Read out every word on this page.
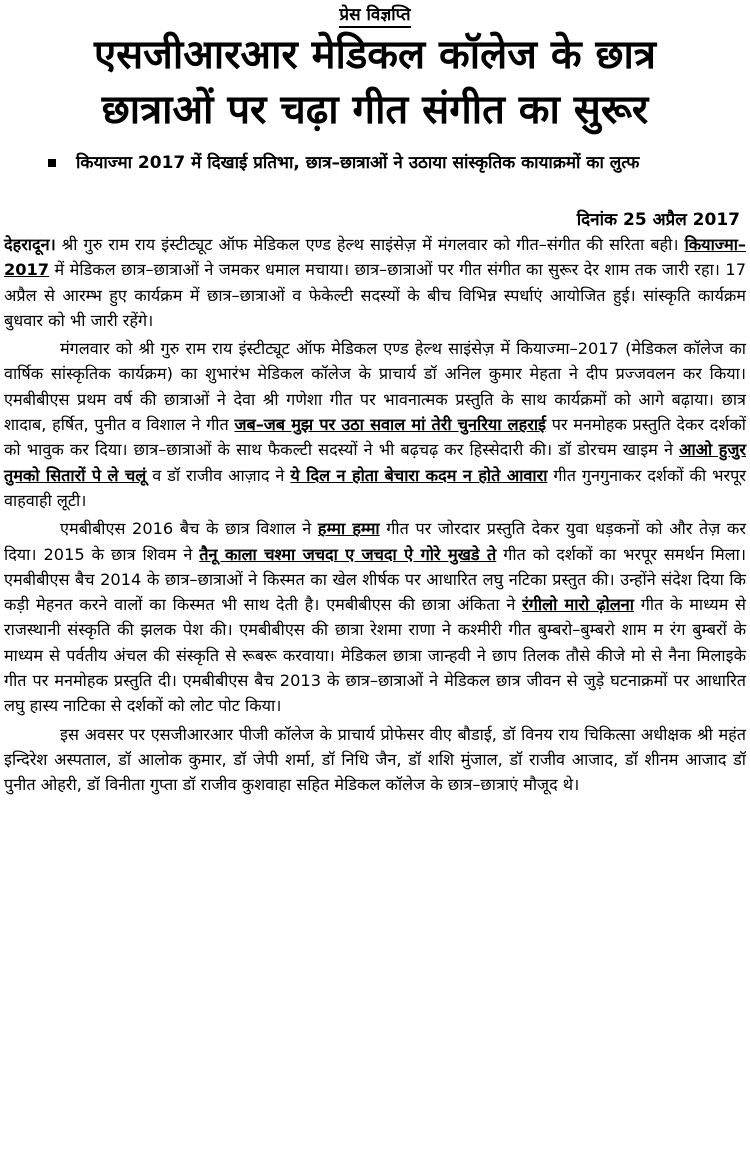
प्रेस विज्ञप्ति
एसजीआरआर मेडिकल कॉलेज के छात्र
छात्राओं पर चढ़ा गीत संगीत का सुरूर
कियाज्मा 2017 में दिखाई प्रतिभा, छात्र–छात्राओं ने उठाया सांस्कृतिक कायाक्रमों का लुत्फ
दिनांक 25 अप्रैल 2017

देहरादून। श्री गुरु राम राय इंस्टीट्यूट ऑफ मेडिकल एण्ड हेल्थ साइंसेज़ में मंगलवार को गीत–संगीत की सरिता बही। कियाज्मा–2017 में मेडिकल छात्र–छात्राओं ने जमकर धमाल मचाया। छात्र–छात्राओं पर गीत संगीत का सुरूर देर शाम तक जारी रहा। 17 अप्रैल से आरम्भ हुए कार्यक्रम में छात्र–छात्राओं व फेकेल्टी सदस्यों के बीच विभिन्न स्पर्धाएं आयोजित हुई। सांस्कृति कार्यक्रम बुधवार को भी जारी रहेंगे।

मंगलवार को श्री गुरु राम राय इंस्टीट्यूट ऑफ मेडिकल एण्ड हेल्थ साइंसेज़ में कियाज्मा–2017 (मेडिकल कॉलेज का वार्षिक सांस्कृतिक कार्यक्रम) का शुभारंभ मेडिकल कॉलेज के प्राचार्य डॉ अनिल कुमार मेहता ने दीप प्रज्जवलन कर किया। एमबीबीएस प्रथम वर्ष की छात्राओं ने देवा श्री गणेशा गीत पर भावनात्मक प्रस्तुति के साथ कार्यक्रमों को आगे बढ़ाया। छात्र शादाब, हर्षित, पुनीत व विशाल ने गीत जब–जब मुझ पर उठा सवाल मां तेरी चुनरिया लहराई पर मनमोहक प्रस्तुति देकर दर्शकों को भावुक कर दिया। छात्र–छात्राओं के साथ फैकल्टी सदस्यों ने भी बढ़चढ़ कर हिस्सेदारी की। डॉ डोरचम खाइम ने आओ हुजुर तुमको सितारों पे ले चलूं व डॉ राजीव आज़ाद ने ये दिल न होता बेचारा कदम न होते आवारा गीत गुनगुनाकर दर्शकों की भरपूर वाहवाही लूटी।

एमबीबीएस 2016 बैच के छात्र विशाल ने हम्मा हम्मा गीत पर जोरदार प्रस्तुति देकर युवा धड़कनों को और तेज़ कर दिया। 2015 के छात्र शिवम ने तैनू काला चश्मा जचदा ए जचदा ऐ गोरे मुखडे ते गीत को दर्शकों का भरपूर समर्थन मिला। एमबीबीएस बैच 2014 के छात्र–छात्राओं ने किस्मत का खेल शीर्षक पर आधारित लघु नटिका प्रस्तुत की। उन्होंने संदेश दिया कि कड़ी मेहनत करने वालों का किस्मत भी साथ देती है। एमबीबीएस की छात्रा अंकिता ने रंगीलो मारो ढ़ोलना गीत के माध्यम से राजस्थानी संस्कृति की झलक पेश की। एमबीबीएस की छात्रा रेशमा राणा ने कश्मीरी गीत बुम्बरो–बुम्बरो शाम म रंग बुम्बरों के माध्यम से पर्वतीय अंचल की संस्कृति से रूबरू करवाया। मेडिकल छात्रा जान्हवी ने छाप तिलक तौसे कीजे मो से नैना मिलाइके गीत पर मनमोहक प्रस्तुति दी। एमबीबीएस बैच 2013 के छात्र–छात्राओं ने मेडिकल छात्र जीवन से जुड़े घटनाक्रमों पर आधारित लघु हास्य नाटिका से दर्शकों को लोट पोट किया।

इस अवसर पर एसजीआरआर पीजी कॉलेज के प्राचार्य प्रोफेसर वीए बौडाई, डॉ विनय राय चिकित्सा अधीक्षक श्री महंत इन्दिरेश अस्पताल, डॉ आलोक कुमार, डॉ जेपी शर्मा, डॉ निधि जैन, डॉ शशि मुंजाल, डॉ राजीव आजाद, डॉ शीनम आजाद डॉ पुनीत ओहरी, डॉ विनीता गुप्ता डॉ राजीव कुशवाहा सहित मेडिकल कॉलेज के छात्र–छात्राएं मौजूद थे।
